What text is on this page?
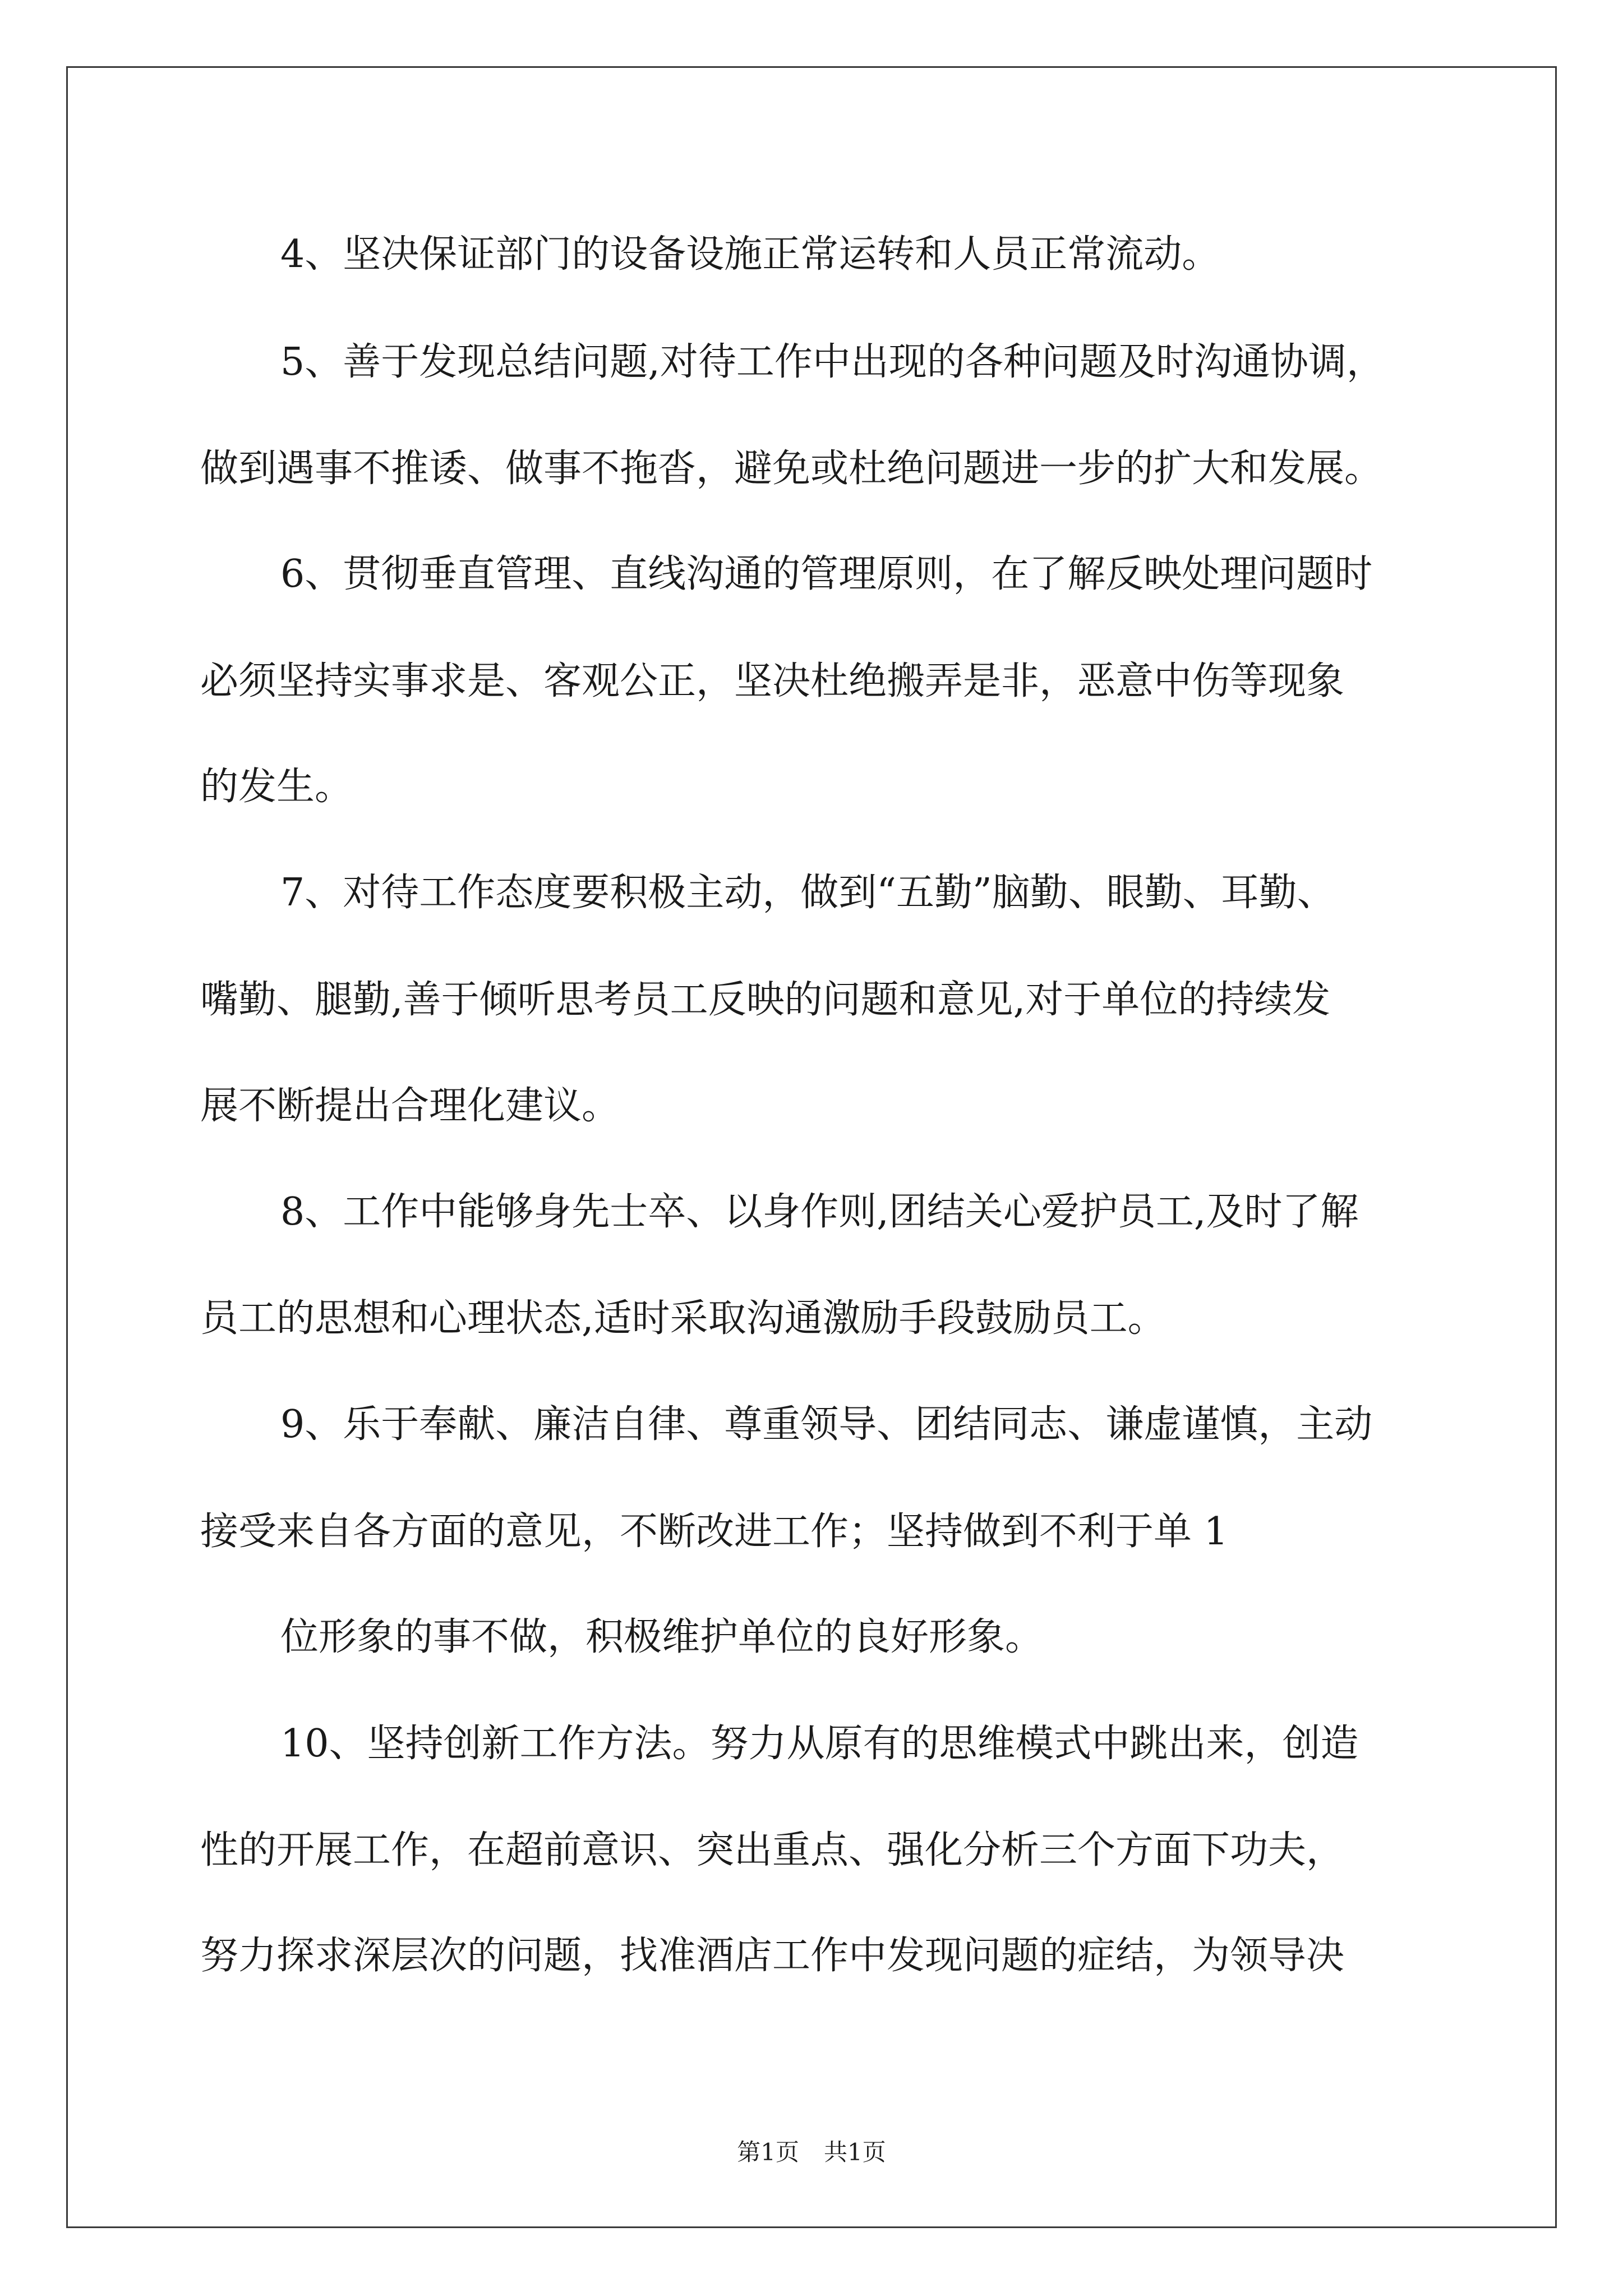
4、坚决保证部门的设备设施正常运转和人员正常流动。

5、善于发现总结问题,对待工作中出现的各种问题及时沟通协调，

做到遇事不推诿、做事不拖沓，避免或杜绝问题进一步的扩大和发展。

6、贯彻垂直管理、直线沟通的管理原则，在了解反映处理问题时

必须坚持实事求是、客观公正，坚决杜绝搬弄是非，恶意中伤等现象

的发生。

7、对待工作态度要积极主动，做到“五勤”脑勤、眼勤、耳勤、

嘴勤、腿勤,善于倾听思考员工反映的问题和意见,对于单位的持续发

展不断提出合理化建议。

8、工作中能够身先士卒、以身作则,团结关心爱护员工,及时了解

员工的思想和心理状态,适时采取沟通激励手段鼓励员工。

9、乐于奉献、廉洁自律、尊重领导、团结同志、谦虚谨慎，主动

接受来自各方面的意见，不断改进工作；坚持做到不利于单 1

位形象的事不做，积极维护单位的良好形象。

10、坚持创新工作方法。努力从原有的思维模式中跳出来，创造

性的开展工作，在超前意识、突出重点、强化分析三个方面下功夫，

努力探求深层次的问题，找准酒店工作中发现问题的症结，为领导决

第1页 共1页
